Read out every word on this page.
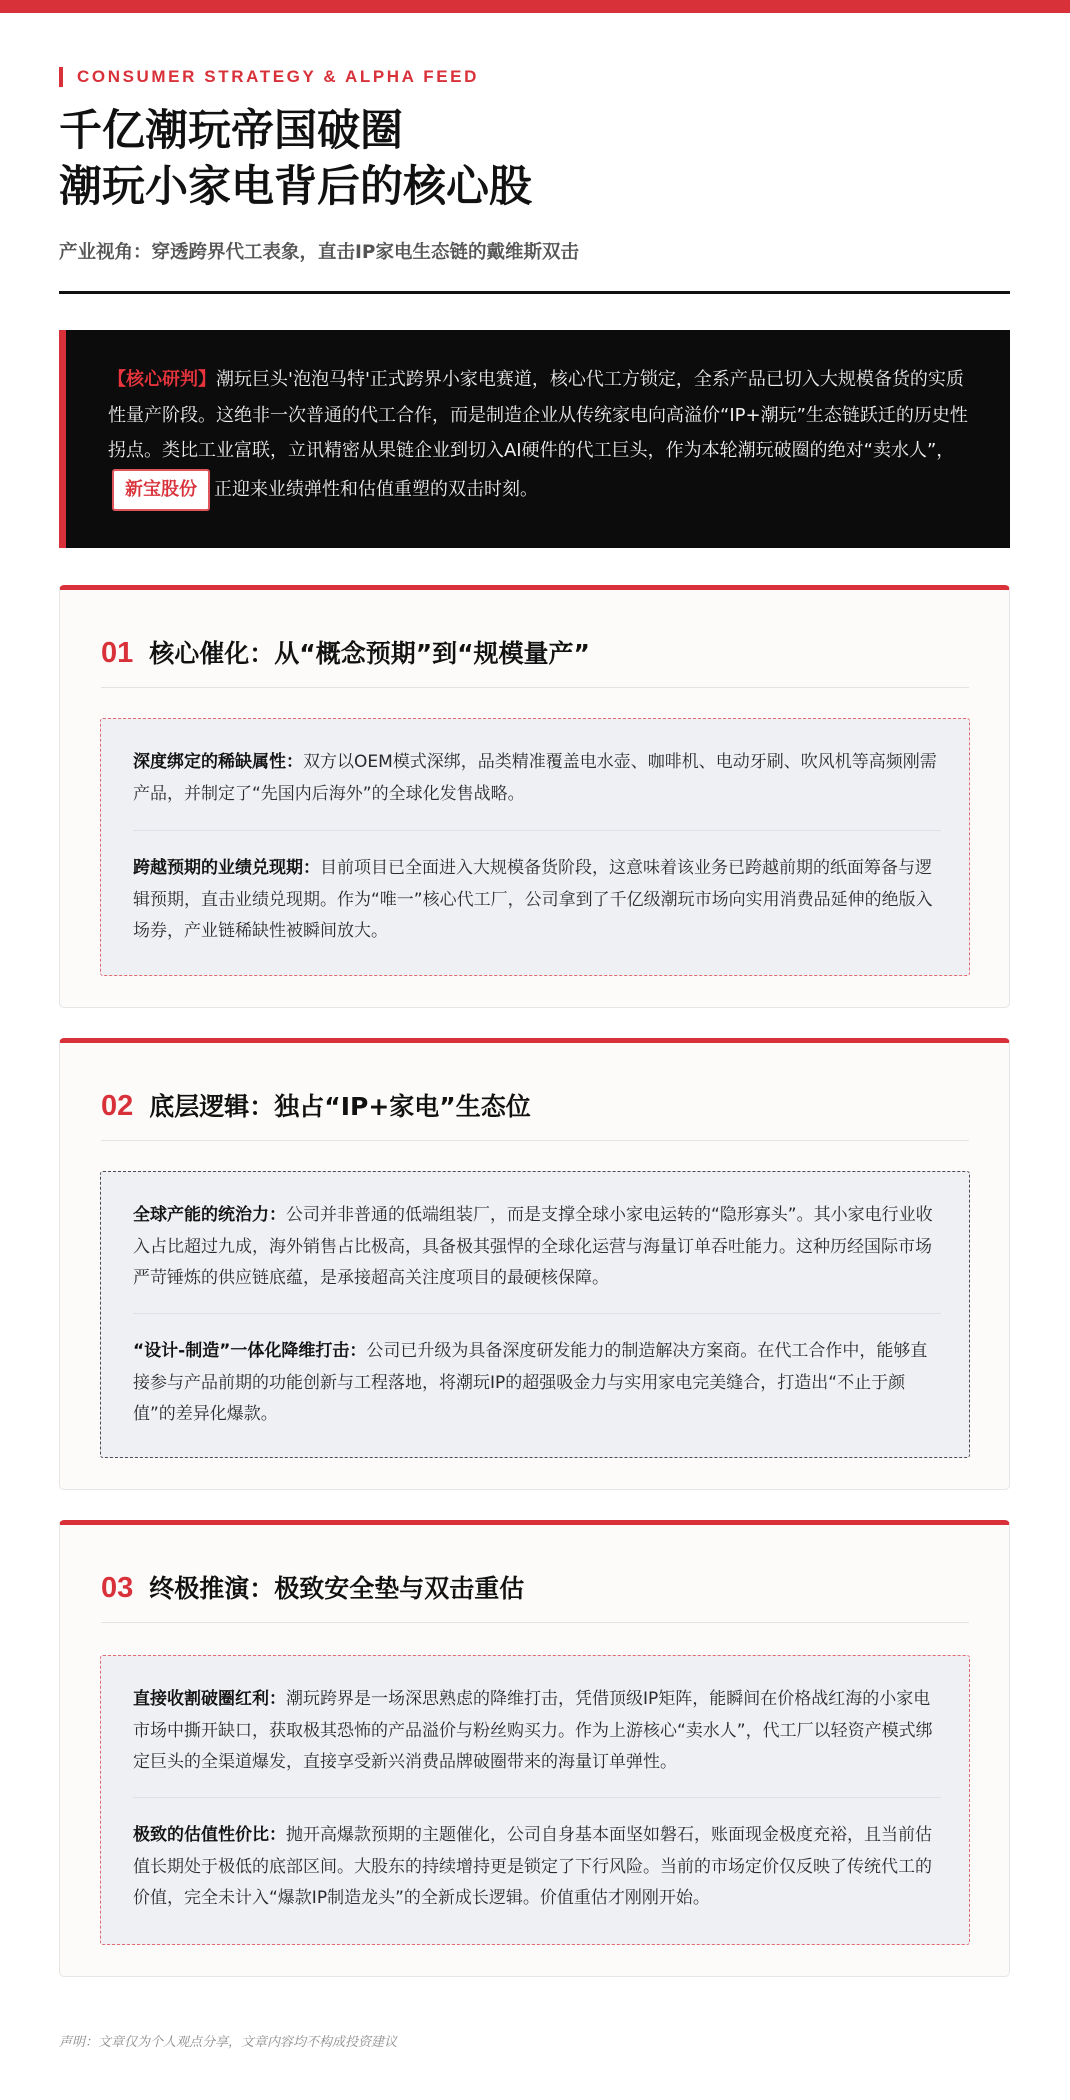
CONSUMER STRATEGY & ALPHA FEED
千亿潮玩帝国破圈
潮玩小家电背后的核心股
产业视角：穿透跨界代工表象，直击IP家电生态链的戴维斯双击

【核心研判】潮玩巨头'泡泡马特'正式跨界小家电赛道，核心代工方锁定，全系产品已切入大规模备货的实质性量产阶段。这绝非一次普通的代工合作，而是制造企业从传统家电向高溢价“IP+潮玩”生态链跃迁的历史性拐点。类比工业富联，立讯精密从果链企业到切入AI硬件的代工巨头，作为本轮潮玩破圈的绝对“卖水人”，新宝股份 正迎来业绩弹性和估值重塑的双击时刻。

01 核心催化：从“概念预期”到“规模量产”
深度绑定的稀缺属性：双方以OEM模式深绑，品类精准覆盖电水壶、咖啡机、电动牙刷、吹风机等高频刚需产品，并制定了“先国内后海外”的全球化发售战略。
跨越预期的业绩兑现期：目前项目已全面进入大规模备货阶段，这意味着该业务已跨越前期的纸面筹备与逻辑预期，直击业绩兑现期。作为“唯一”核心代工厂，公司拿到了千亿级潮玩市场向实用消费品延伸的绝版入场券，产业链稀缺性被瞬间放大。
02 底层逻辑：独占“IP+家电”生态位
全球产能的统治力：公司并非普通的低端组装厂，而是支撑全球小家电运转的“隐形寡头”。其小家电行业收入占比超过九成，海外销售占比极高，具备极其强悍的全球化运营与海量订单吞吐能力。这种历经国际市场严苛锤炼的供应链底蕴，是承接超高关注度项目的最硬核保障。
“设计-制造”一体化降维打击：公司已升级为具备深度研发能力的制造解决方案商。在代工合作中，能够直接参与产品前期的功能创新与工程落地，将潮玩IP的超强吸金力与实用家电完美缝合，打造出“不止于颜值”的差异化爆款。
03 终极推演：极致安全垫与双击重估
直接收割破圈红利：潮玩跨界是一场深思熟虑的降维打击，凭借顶级IP矩阵，能瞬间在价格战红海的小家电市场中撕开缺口，获取极其恐怖的产品溢价与粉丝购买力。作为上游核心“卖水人”，代工厂以轻资产模式绑定巨头的全渠道爆发，直接享受新兴消费品牌破圈带来的海量订单弹性。
极致的估值性价比：抛开高爆款预期的主题催化，公司自身基本面坚如磐石，账面现金极度充裕，且当前估值长期处于极低的底部区间。大股东的持续增持更是锁定了下行风险。当前的市场定价仅反映了传统代工的价值，完全未计入“爆款IP制造龙头”的全新成长逻辑。价值重估才刚刚开始。
声明：文章仅为个人观点分享，文章内容均不构成投资建议
